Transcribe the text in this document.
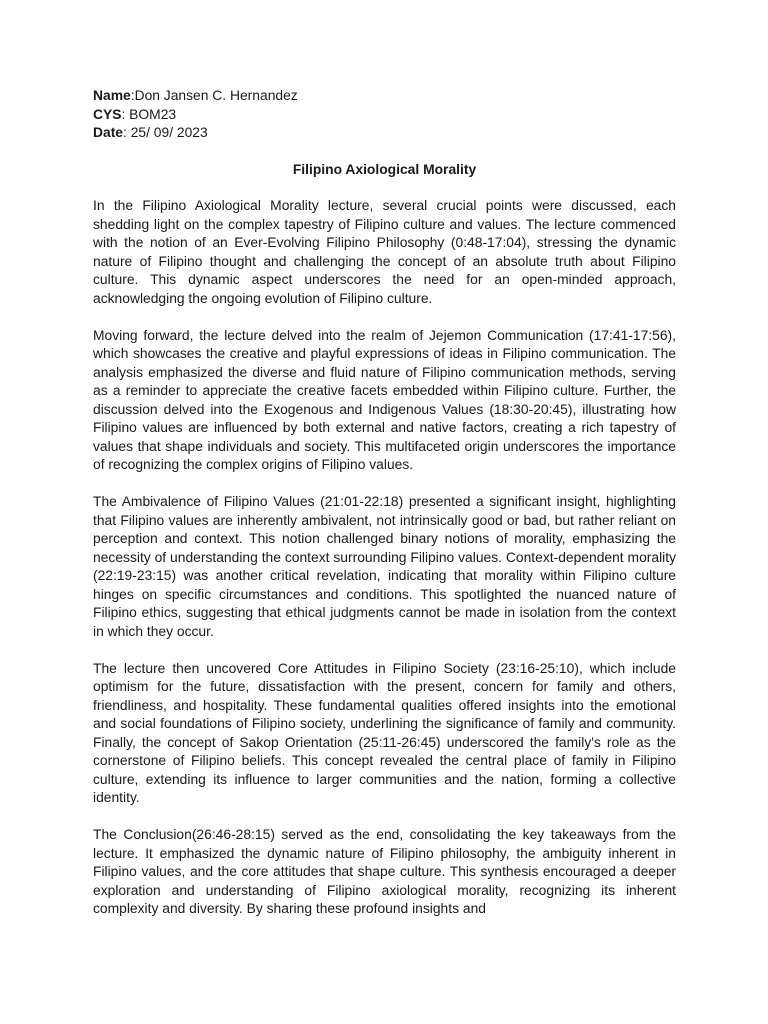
Name:Don Jansen C. Hernandez
CYS: BOM23
Date: 25/ 09/ 2023
Filipino Axiological Morality

In the Filipino Axiological Morality lecture, several crucial points were discussed, each shedding light on the complex tapestry of Filipino culture and values. The lecture commenced with the notion of an Ever-Evolving Filipino Philosophy (0:48-17:04), stressing the dynamic nature of Filipino thought and challenging the concept of an absolute truth about Filipino culture. This dynamic aspect underscores the need for an open-minded approach, acknowledging the ongoing evolution of Filipino culture.

Moving forward, the lecture delved into the realm of Jejemon Communication (17:41-17:56), which showcases the creative and playful expressions of ideas in Filipino communication. The analysis emphasized the diverse and fluid nature of Filipino communication methods, serving as a reminder to appreciate the creative facets embedded within Filipino culture. Further, the discussion delved into the Exogenous and Indigenous Values (18:30-20:45), illustrating how Filipino values are influenced by both external and native factors, creating a rich tapestry of values that shape individuals and society. This multifaceted origin underscores the importance of recognizing the complex origins of Filipino values.

The Ambivalence of Filipino Values (21:01-22:18) presented a significant insight, highlighting that Filipino values are inherently ambivalent, not intrinsically good or bad, but rather reliant on perception and context. This notion challenged binary notions of morality, emphasizing the necessity of understanding the context surrounding Filipino values. Context-dependent morality (22:19-23:15) was another critical revelation, indicating that morality within Filipino culture hinges on specific circumstances and conditions. This spotlighted the nuanced nature of Filipino ethics, suggesting that ethical judgments cannot be made in isolation from the context in which they occur.

The lecture then uncovered Core Attitudes in Filipino Society (23:16-25:10), which include optimism for the future, dissatisfaction with the present, concern for family and others, friendliness, and hospitality. These fundamental qualities offered insights into the emotional and social foundations of Filipino society, underlining the significance of family and community. Finally, the concept of Sakop Orientation (25:11-26:45) underscored the family's role as the cornerstone of Filipino beliefs. This concept revealed the central place of family in Filipino culture, extending its influence to larger communities and the nation, forming a collective identity.

The Conclusion(26:46-28:15) served as the end, consolidating the key takeaways from the lecture. It emphasized the dynamic nature of Filipino philosophy, the ambiguity inherent in Filipino values, and the core attitudes that shape culture. This synthesis encouraged a deeper exploration and understanding of Filipino axiological morality, recognizing its inherent complexity and diversity. By sharing these profound insights and
